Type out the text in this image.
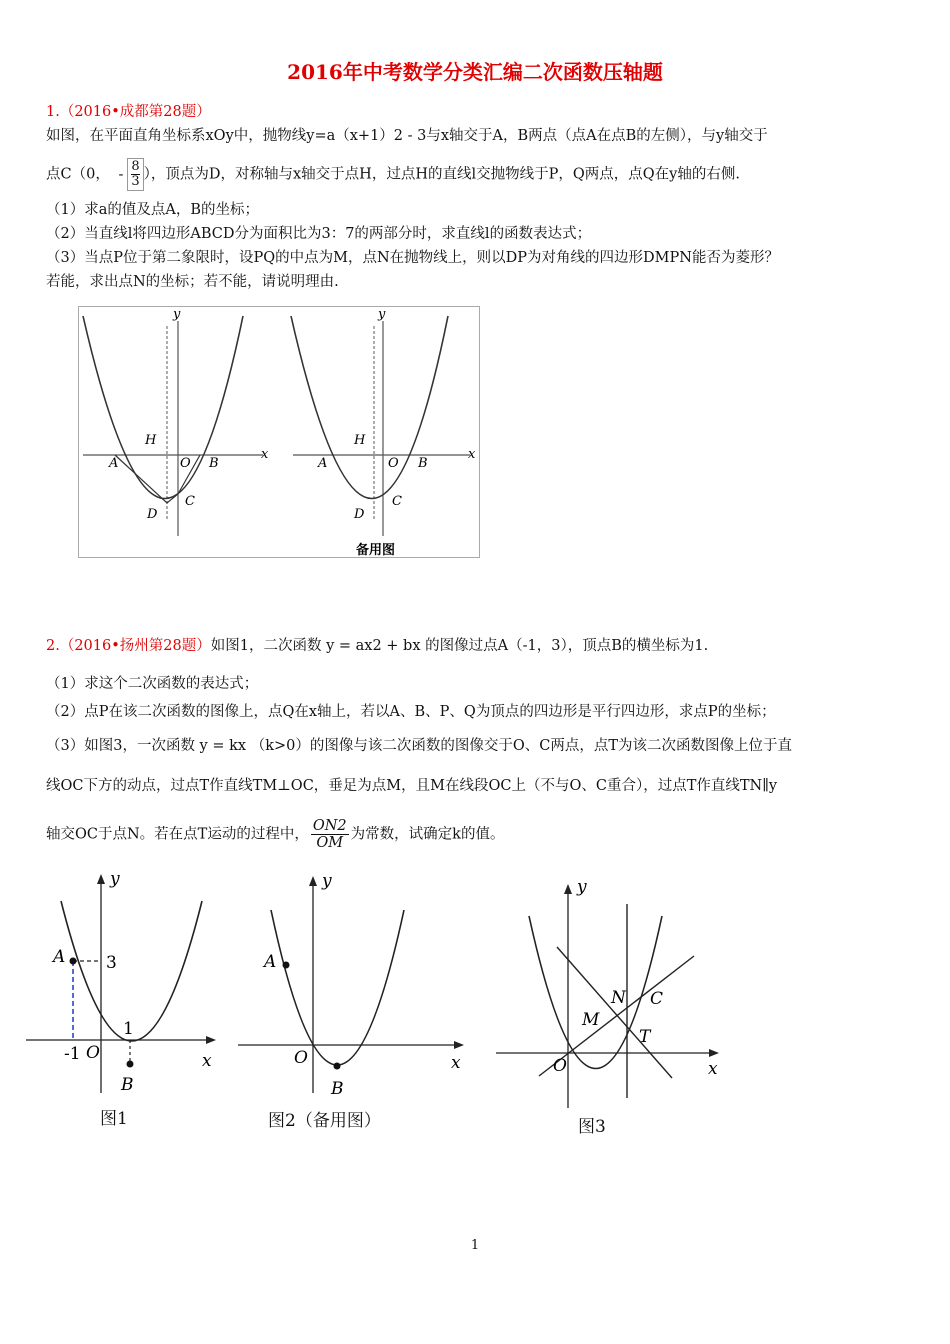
2016年中考数学分类汇编二次函数压轴题
1.（2016•成都第28题）
如图，在平面直角坐标系xOy中，抛物线y=a（x+1）2 - 3与x轴交于A，B两点（点A在点B的左侧），与y轴交于
点C（0， - $\frac{8}{3}$），顶点为D，对称轴与x轴交于点H，过点H的直线l交抛物线于P，Q两点，点Q在y轴的右侧.
（1）求a的值及点A，B的坐标；
（2）当直线l将四边形ABCD分为面积比为3：7的两部分时，求直线l的函数表达式；
（3）当点P位于第二象限时，设PQ的中点为M，点N在抛物线上，则以DP为对角线的四边形DMPN能否为菱形？
若能，求出点N的坐标；若不能，请说明理由.
y
x
H
A	O B
C
D
y
x
H
A	O B
C
D
备用图
2.（2016•扬州第28题）如图1，二次函数 y = ax2 + bx 的图像过点A（-1，3），顶点B的横坐标为1.
（1）求这个二次函数的表达式；
（2）点P在该二次函数的图像上，点Q在x轴上，若以A、B、P、Q为顶点的四边形是平行四边形，求点P的坐标；
（3）如图3，一次函数 y = kx （k>0）的图像与该二次函数的图像交于O、C两点，点T为该二次函数图像上位于直
线OC下方的动点，过点T作直线TM⊥OC，垂足为点M，且M在线段OC上（不与O、C重合），过点T作直线TN∥y
轴交OC于点N。若在点T运动的过程中， $\frac{ON2}{OM}$ 为常数，试确定k的值。
y
x
A 3
1
-1 O
B
图1
y
x
A
O
B
图2（备用图）
y
x
N C
M
T
O
图3
1
